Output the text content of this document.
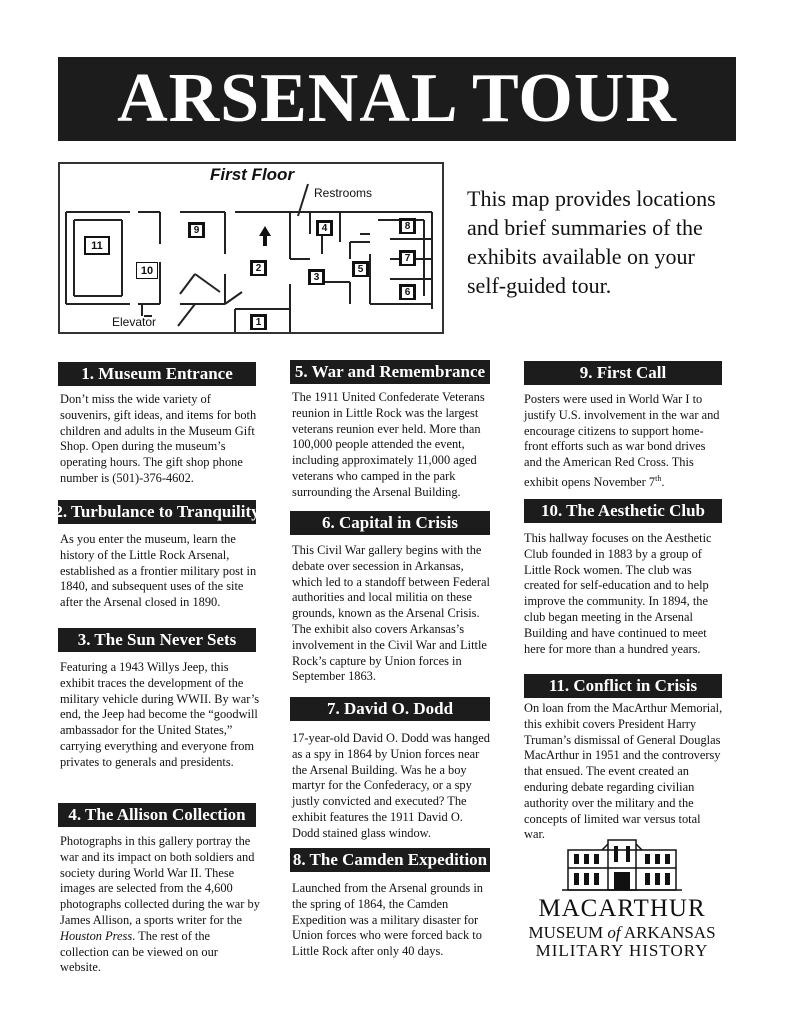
ARSENAL TOUR
First Floor
Restrooms
Elevator	1
2
3
4
5
6
7
8
9
10
11
This map provides locations and brief summaries of the exhibits available on your self-guided tour.
1. Museum Entrance
Don’t miss the wide variety of souvenirs, gift ideas, and items for both children and adults in the Museum Gift Shop. Open during the museum’s operating hours. The gift shop phone number is (501)-376-4602.
2. Turbulance to Tranquility
As you enter the museum, learn the history of the Little Rock Arsenal, established as a frontier military post in 1840, and subsequent uses of the site after the Arsenal closed in 1890.
3. The Sun Never Sets
Featuring a 1943 Willys Jeep, this exhibit traces the development of the military vehicle during WWII. By war’s end, the Jeep had become the “goodwill ambassador for the United States,” carrying everything and everyone from privates to generals and presidents.
4. The Allison Collection
Photographs in this gallery portray the war and its impact on both soldiers and society during World War II. These images are selected from the 4,600 photographs collected during the war by James Allison, a sports writer for the Houston Press. The rest of the collection can be viewed on our website.
5. War and Remembrance
The 1911 United Confederate Veterans reunion in Little Rock was the largest veterans reunion ever held. More than 100,000 people attended the event, including approximately 11,000 aged veterans who camped in the park surrounding the Arsenal Building.
6. Capital in Crisis
This Civil War gallery begins with the debate over secession in Arkansas, which led to a standoff between Federal authorities and local militia on these grounds, known as the Arsenal Crisis. The exhibit also covers Arkansas’s involvement in the Civil War and Little Rock’s capture by Union forces in September 1863.
7. David O. Dodd
17-year-old David O. Dodd was hanged as a spy in 1864 by Union forces near the Arsenal Building. Was he a boy martyr for the Confederacy, or a spy justly convicted and executed? The exhibit features the 1911 David O. Dodd stained glass window.
8. The Camden Expedition
Launched from the Arsenal grounds in the spring of 1864, the Camden Expedition was a military disaster for Union forces who were forced back to Little Rock after only 40 days.
9. First Call
Posters were used in World War I to justify U.S. involvement in the war and encourage citizens to support home-front efforts such as war bond drives and the American Red Cross. This exhibit opens November 7th.
10. The Aesthetic Club
This hallway focuses on the Aesthetic Club founded in 1883 by a group of Little Rock women. The club was created for self-education and to help improve the community. In 1894, the club began meeting in the Arsenal Building and have continued to meet here for more than a hundred years.
11. Conflict in Crisis
On loan from the MacArthur Memorial, this exhibit covers President Harry Truman’s dismissal of General Douglas MacArthur in 1951 and the controversy that ensued. The event created an enduring debate regarding civilian authority over the military and the concepts of limited war versus total war.
MACARTHUR
MUSEUM of ARKANSAS
MILITARY HISTORY
